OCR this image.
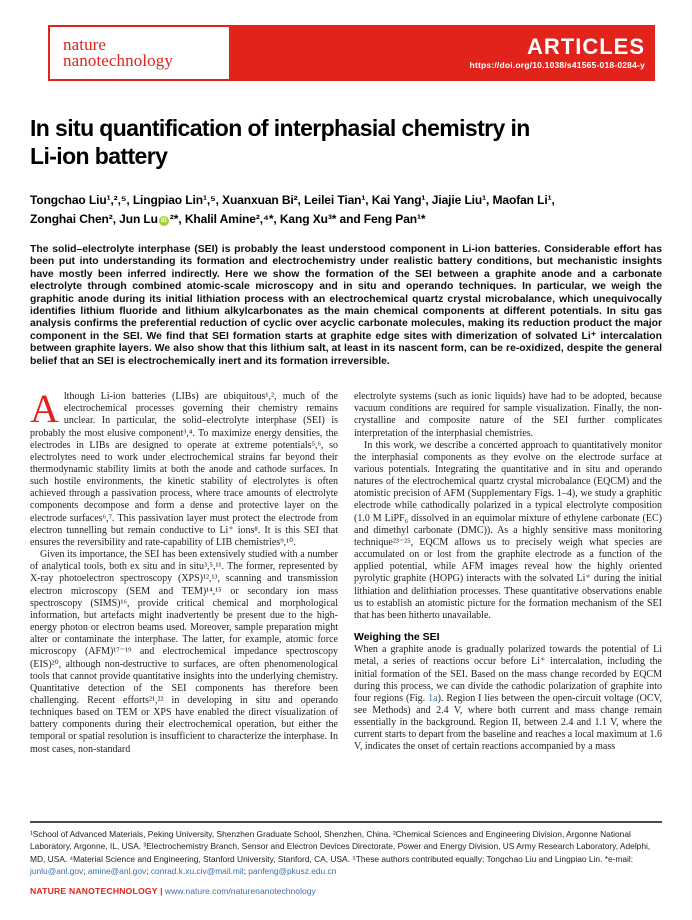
nature
nanotechnology
ARTICLES
https://doi.org/10.1038/s41565-018-0284-y
In situ quantification of interphasial chemistry in
Li-ion battery
Tongchao Liu¹,²,⁵, Lingpiao Lin¹,⁵, Xuanxuan Bi², Leilei Tian¹, Kai Yang¹, Jiajie Liu¹, Maofan Li¹,
Zonghai Chen², Jun Lu iD ²*, Khalil Amine²,⁴*, Kang Xu³* and Feng Pan¹*
The solid–electrolyte interphase (SEI) is probably the least understood component in Li-ion batteries. Considerable effort has been put into understanding its formation and electrochemistry under realistic battery conditions, but mechanistic insights have mostly been inferred indirectly. Here we show the formation of the SEI between a graphite anode and a carbonate electrolyte through combined atomic-scale microscopy and in situ and operando techniques. In particular, we weigh the graphitic anode during its initial lithiation process with an electrochemical quartz crystal microbalance, which unequivocally identifies lithium fluoride and lithium alkylcarbonates as the main chemical components at different potentials. In situ gas analysis confirms the preferential reduction of cyclic over acyclic carbonate molecules, making its reduction product the major component in the SEI. We find that SEI formation starts at graphite edge sites with dimerization of solvated Li⁺ intercalation between graphite layers. We also show that this lithium salt, at least in its nascent form, can be re-oxidized, despite the general belief that an SEI is electrochemically inert and its formation irreversible.

Although Li-ion batteries (LIBs) are ubiquitous¹,², much of the electrochemical processes governing their chemistry remains unclear. In particular, the solid–electrolyte interphase (SEI) is probably the most elusive component³,⁴. To maximize energy densities, the electrodes in LIBs are designed to operate at extreme potentials⁵,⁶, so electrolytes need to work under electrochemical strains far beyond their thermodynamic stability limits at both the anode and cathode surfaces. In such hostile environments, the kinetic stability of electrolytes is often achieved through a passivation process, where trace amounts of electrolyte components decompose and form a dense and protective layer on the electrode surfaces⁶,⁷. This passivation layer must protect the electrode from electron tunnelling but remain conductive to Li⁺ ions⁸. It is this SEI that ensures the reversibility and rate-capability of LIB chemistries⁹,¹⁰.

Given its importance, the SEI has been extensively studied with a number of analytical tools, both ex situ and in situ³,⁵,¹¹. The former, represented by X-ray photoelectron spectroscopy (XPS)¹²,¹³, scanning and transmission electron microscopy (SEM and TEM)¹⁴,¹⁵ or secondary ion mass spectroscopy (SIMS)¹⁶, provide critical chemical and morphological information, but artefacts might inadvertently be present due to the high-energy photon or electron beams used. Moreover, sample preparation might alter or contaminate the interphase. The latter, for example, atomic force microscopy (AFM)¹⁷⁻¹⁹ and electrochemical impedance spectroscopy (EIS)²⁰, although non-destructive to surfaces, are often phenomenological tools that cannot provide quantitative insights into the underlying chemistry. Quantitative detection of the SEI components has therefore been challenging. Recent efforts²¹,²² in developing in situ and operando techniques based on TEM or XPS have enabled the direct visualization of battery components during their electrochemical operation, but either the temporal or spatial resolution is insufficient to characterize the interphase. In most cases, non-standard

electrolyte systems (such as ionic liquids) have had to be adopted, because vacuum conditions are required for sample visualization. Finally, the non-crystalline and composite nature of the SEI further complicates interpretation of the interphasial chemistries.

In this work, we describe a concerted approach to quantitatively monitor the interphasial components as they evolve on the electrode surface at various potentials. Integrating the quantitative and in situ and operando natures of the electrochemical quartz crystal microbalance (EQCM) and the atomistic precision of AFM (Supplementary Figs. 1–4), we study a graphitic electrode while cathodically polarized in a typical electrolyte composition (1.0 M LiPF₆ dissolved in an equimolar mixture of ethylene carbonate (EC) and dimethyl carbonate (DMC)). As a highly sensitive mass monitoring technique²³⁻²⁵, EQCM allows us to precisely weigh what species are accumulated on or lost from the graphite electrode as a function of the applied potential, while AFM images reveal how the highly oriented pyrolytic graphite (HOPG) interacts with the solvated Li⁺ during the initial lithiation and delithiation processes. These quantitative observations enable us to establish an atomistic picture for the formation mechanism of the SEI that has been hitherto unavailable.

Weighing the SEI

When a graphite anode is gradually polarized towards the potential of Li metal, a series of reactions occur before Li⁺ intercalation, including the initial formation of the SEI. Based on the mass change recorded by EQCM during this process, we can divide the cathodic polarization of graphite into four regions (Fig. 1a). Region I lies between the open-circuit voltage (OCV, see Methods) and 2.4 V, where both current and mass change remain essentially in the background. Region II, between 2.4 and 1.1 V, where the current starts to depart from the baseline and reaches a local maximum at 1.6 V, indicates the onset of certain reactions accompanied by a mass

¹School of Advanced Materials, Peking University, Shenzhen Graduate School, Shenzhen, China. ²Chemical Sciences and Engineering Division, Argonne National Laboratory, Argonne, IL, USA. ³Electrochemistry Branch, Sensor and Electron Devices Directorate, Power and Energy Division, US Army Research Laboratory, Adelphi, MD, USA. ⁴Material Science and Engineering, Stanford University, Stanford, CA, USA. ⁵These authors contributed equally: Tongchao Liu and Lingpiao Lin. *e-mail: junlu@anl.gov; amine@anl.gov; conrad.k.xu.civ@mail.mil; panfeng@pkusz.edu.cn
NATURE NANOTECHNOLOGY | www.nature.com/naturenanotechnology
